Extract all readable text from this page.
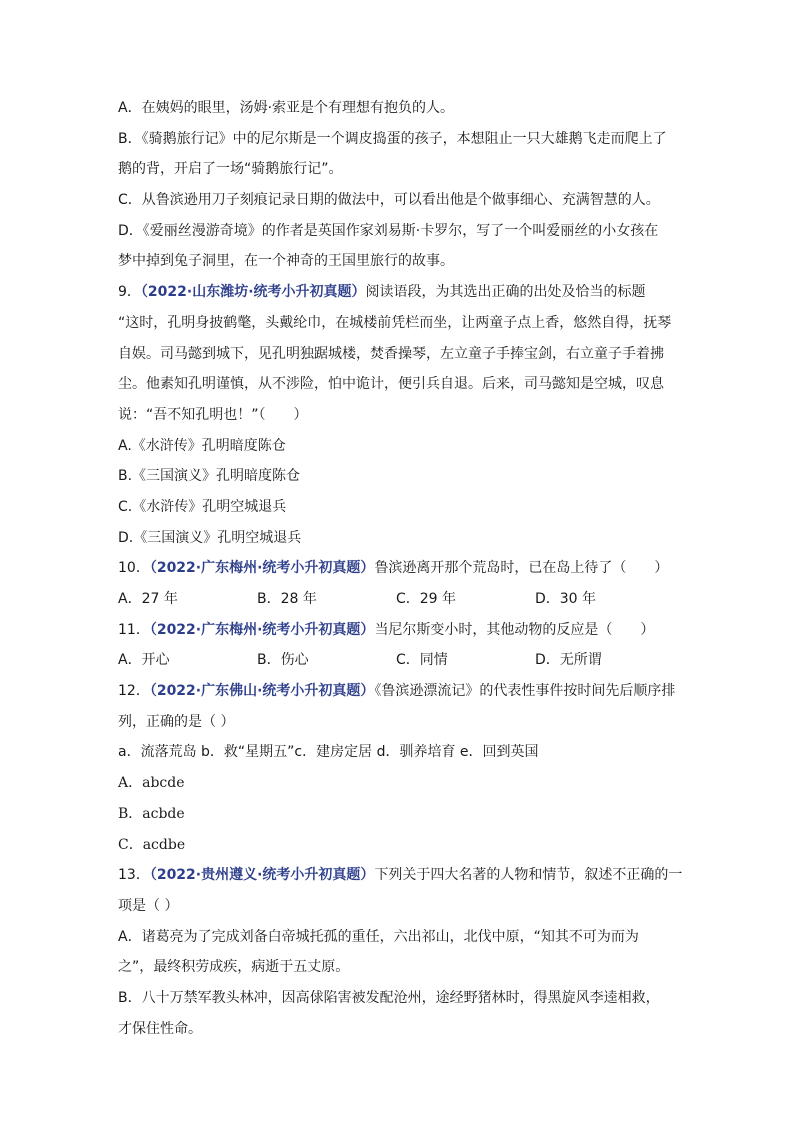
A．在姨妈的眼里，汤姆·索亚是个有理想有抱负的人。
B．《骑鹅旅行记》中的尼尔斯是一个调皮捣蛋的孩子，本想阻止一只大雄鹅飞走而爬上了
鹅的背，开启了一场“骑鹅旅行记”。
C．从鲁滨逊用刀子刻痕记录日期的做法中，可以看出他是个做事细心、充满智慧的人。
D．《爱丽丝漫游奇境》的作者是英国作家刘易斯·卡罗尔，写了一个叫爱丽丝的小女孩在
梦中掉到兔子洞里，在一个神奇的王国里旅行的故事。
9．（2022·山东潍坊·统考小升初真题）阅读语段，为其选出正确的出处及恰当的标题
“这时，孔明身披鹤氅，头戴纶巾，在城楼前凭栏而坐，让两童子点上香，悠然自得，抚琴
自娱。司马懿到城下，见孔明独踞城楼，焚香操琴，左立童子手捧宝剑，右立童子手着拂
尘。他素知孔明谨慎，从不涉险，怕中诡计，便引兵自退。后来，司马懿知是空城，叹息
说：“吾不知孔明也！”（　　）
A.《水浒传》孔明暗度陈仓
B.《三国演义》孔明暗度陈仓
C.《水浒传》孔明空城退兵
D.《三国演义》孔明空城退兵
10．（2022·广东梅州·统考小升初真题）鲁滨逊离开那个荒岛时，已在岛上待了（　　）
A．27 年	B．28 年	C．29 年	D．30 年
11．（2022·广东梅州·统考小升初真题）当尼尔斯变小时，其他动物的反应是（　　）
A．开心	B．伤心	C．同情	D．无所谓
12．（2022·广东佛山·统考小升初真题）《鲁滨逊漂流记》的代表性事件按时间先后顺序排
列，正确的是（ ）
a．流落荒岛 b．救“星期五”c．建房定居 d．驯养培育 e．回到英国
A．abcde
B．acbde
C．acdbe
13．（2022·贵州遵义·统考小升初真题）下列关于四大名著的人物和情节，叙述不正确的一
项是（ ）
A．诸葛亮为了完成刘备白帝城托孤的重任，六出祁山，北伐中原，“知其不可为而为
之”，最终积劳成疾，病逝于五丈原。
B．八十万禁军教头林冲，因高俅陷害被发配沧州，途经野猪林时，得黑旋风李逵相救，
才保住性命。
